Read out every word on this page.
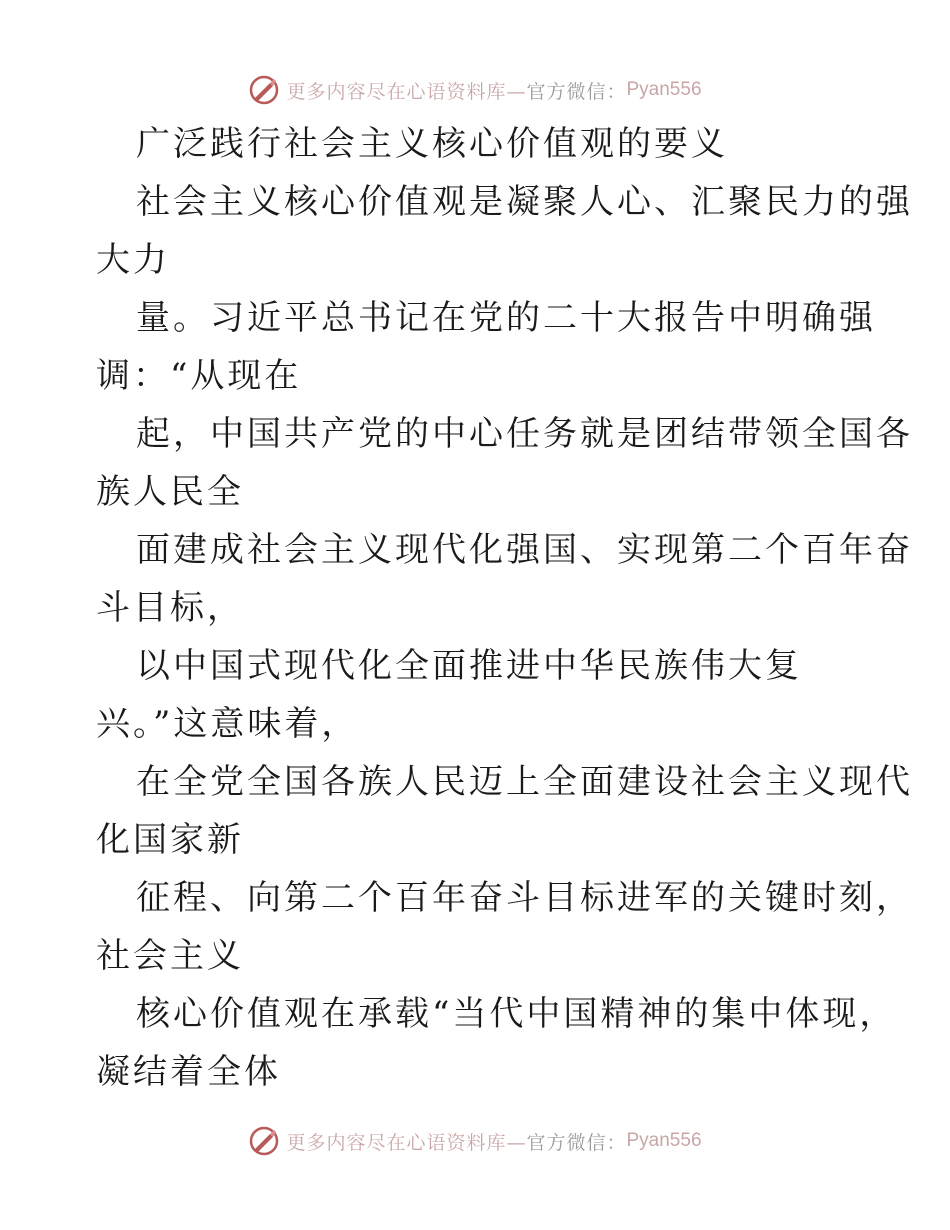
更多内容尽在心语资料库— 官方微信： Pyan556
广泛践行社会主义核心价值观的要义
社会主义核心价值观是凝聚人心、汇聚民力的强
大力
量。习近平总书记在党的二十大报告中明确强
调：“从现在
起，中国共产党的中心任务就是团结带领全国各
族人民全
面建成社会主义现代化强国、实现第二个百年奋
斗目标，
以中国式现代化全面推进中华民族伟大复
兴。”这意味着，
在全党全国各族人民迈上全面建设社会主义现代
化国家新
征程、向第二个百年奋斗目标进军的关键时刻，
社会主义
核心价值观在承载“当代中国精神的集中体现，
凝结着全体
更多内容尽在心语资料库— 官方微信： Pyan556
